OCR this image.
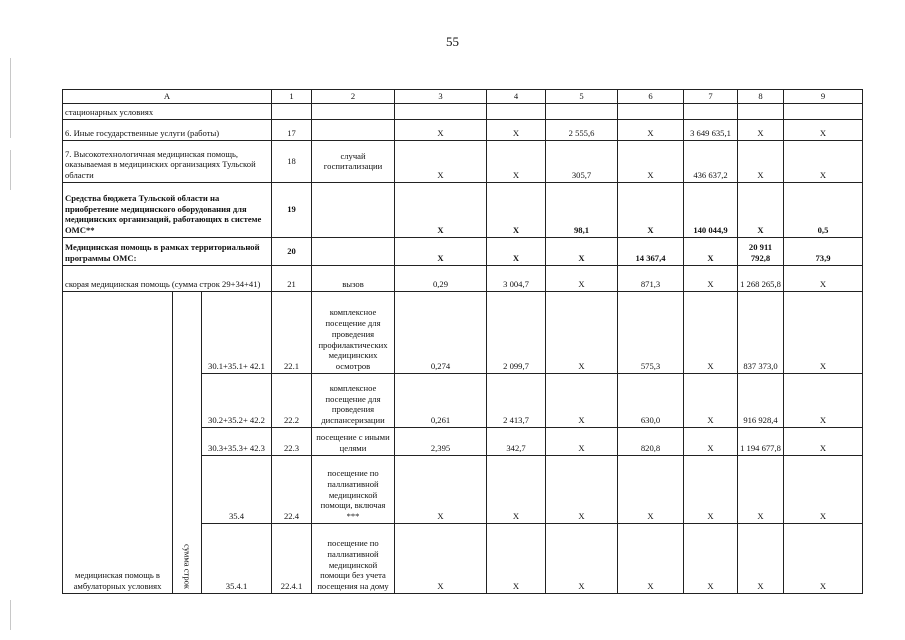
55
А			1	2	3	4	5	6	7	8	9
стационарных условиях											
6. Иные государственные услуги (работы)			17		Х	Х	2 555,6	Х	3 649 635,1	Х	Х
7. Высокотехнологичная медицинская помощь, оказываемая в медицинских организациях Тульской области			18	случай госпитализации	Х	Х	305,7	Х	436 637,2	Х	Х
Средства бюджета Тульской области на приобретение медицинского оборудования для медицинских организаций, работающих в системе ОМС**			19		Х	Х	98,1	Х	140 044,9	Х	0,5
Медицинская помощь в рамках территориальной программы ОМС:			20		Х	Х	Х	14 367,4	Х	20 911 792,8	73,9
скорая медицинская помощь (сумма строк 29+34+41)			21	вызов	0,29	3 004,7	Х	871,3	Х	1 268 265,8	Х
медицинская помощь в амбулаторных условиях	сумма строк	30.1+35.1+ 42.1	22.1	комплексное посещение для проведения профилактических медицинских осмотров	0,274	2 099,7	Х	575,3	Х	837 373,0	Х
		30.2+35.2+ 42.2	22.2	комплексное посещение для проведения диспансеризации	0,261	2 413,7	Х	630,0	Х	916 928,4	Х
		30.3+35.3+ 42.3	22.3	посещение с иными целями	2,395	342,7	Х	820,8	Х	1 194 677,8	Х
		35.4	22.4	посещение по паллиативной медицинской помощи, включая ***	Х	Х	Х	Х	Х	Х	Х
		35.4.1	22.4.1	посещение по паллиативной медицинской помощи без учета посещения на дому	Х	Х	Х	Х	Х	Х	Х
